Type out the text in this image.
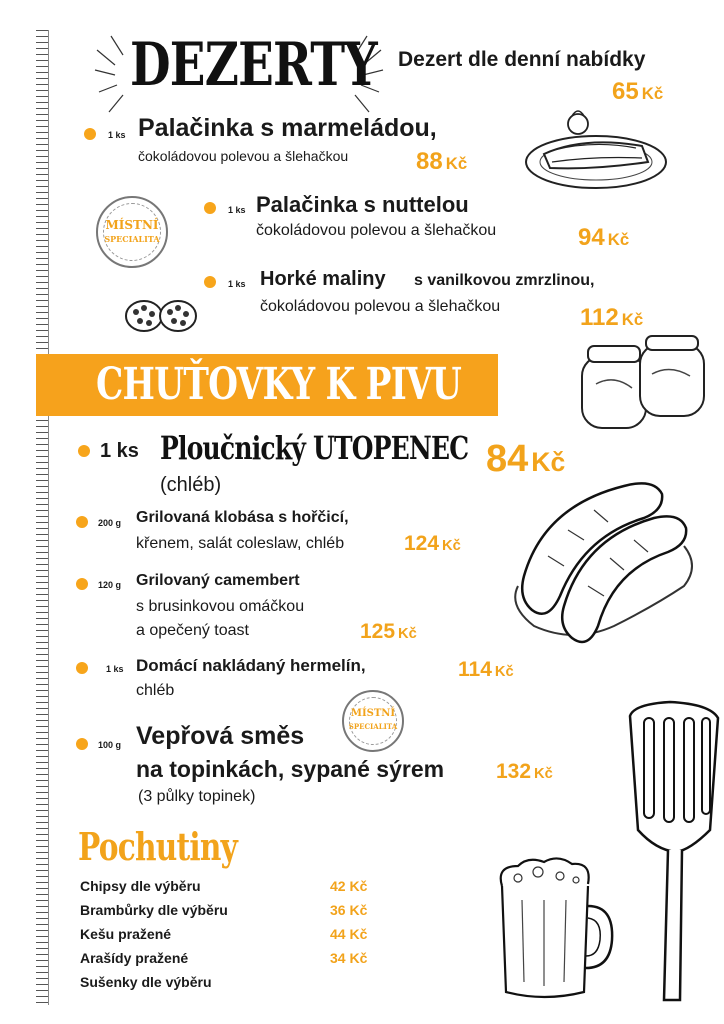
DEZERTY Dezert dle denní nabídky
65 Kč
1 ks Palačinka s marmeládou,
čokoládovou polevou a šlehačkou	88 Kč
MÍSTNÍ
SPECIALITA
1 ks Palačinka s nuttelou
čokoládovou polevou a šlehačkou	94 Kč
1 ks Horké maliny s vanilkovou zmrzlinou,
čokoládovou polevou a šlehačkou	112 Kč
CHUŤOVKY K PIVU
1 ks Ploučnický UTOPENEC
(chléb)
84 Kč
200 g Grilovaná klobása s hořčicí,
křenem, salát coleslaw, chléb	124 Kč
120 g Grilovaný camembert
s brusinkovou omáčkou
a opečený toast	125 Kč
1 ks Domácí nakládaný hermelín,
chléb
114 Kč
MÍSTNÍ
SPECIALITA
100 g Vepřová směs
na topinkách, sypané sýrem
(3 půlky topinek)
132 Kč
Pochutiny
Chipsy dle výběru	42 Kč
Brambůrky dle výběru	36 Kč
Kešu pražené	44 Kč
Arašídy pražené	34 Kč
Sušenky dle výběru
